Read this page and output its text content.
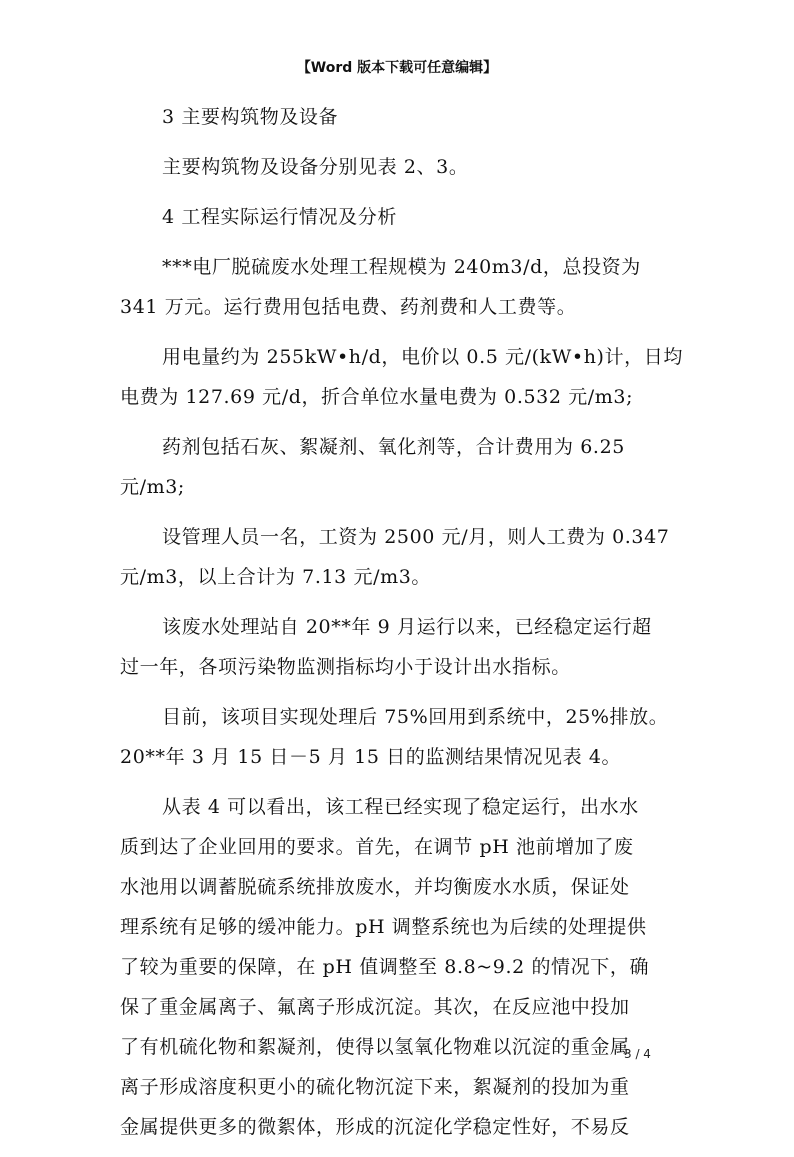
【Word 版本下载可任意编辑】
3 主要构筑物及设备
主要构筑物及设备分别见表 2、3。
4 工程实际运行情况及分析
***电厂脱硫废水处理工程规模为 240m3/d，总投资为
341 万元。运行费用包括电费、药剂费和人工费等。
用电量约为 255kW•h/d，电价以 0.5 元/(kW•h)计，日均
电费为 127.69 元/d，折合单位水量电费为 0.532 元/m3;
药剂包括石灰、絮凝剂、氧化剂等，合计费用为 6.25
元/m3;
设管理人员一名，工资为 2500 元/月，则人工费为 0.347
元/m3，以上合计为 7.13 元/m3。
该废水处理站自 20**年 9 月运行以来，已经稳定运行超
过一年，各项污染物监测指标均小于设计出水指标。
目前，该项目实现处理后 75%回用到系统中，25%排放。
20**年 3 月 15 日－5 月 15 日的监测结果情况见表 4。
从表 4 可以看出，该工程已经实现了稳定运行，出水水
质到达了企业回用的要求。首先，在调节 pH 池前增加了废
水池用以调蓄脱硫系统排放废水，并均衡废水水质，保证处
理系统有足够的缓冲能力。pH 调整系统也为后续的处理提供
了较为重要的保障，在 pH 值调整至 8.8~9.2 的情况下，确
保了重金属离子、氟离子形成沉淀。其次，在反应池中投加
了有机硫化物和絮凝剂，使得以氢氧化物难以沉淀的重金属
离子形成溶度积更小的硫化物沉淀下来，絮凝剂的投加为重
金属提供更多的微絮体，形成的沉淀化学稳定性好，不易反
3 / 4
